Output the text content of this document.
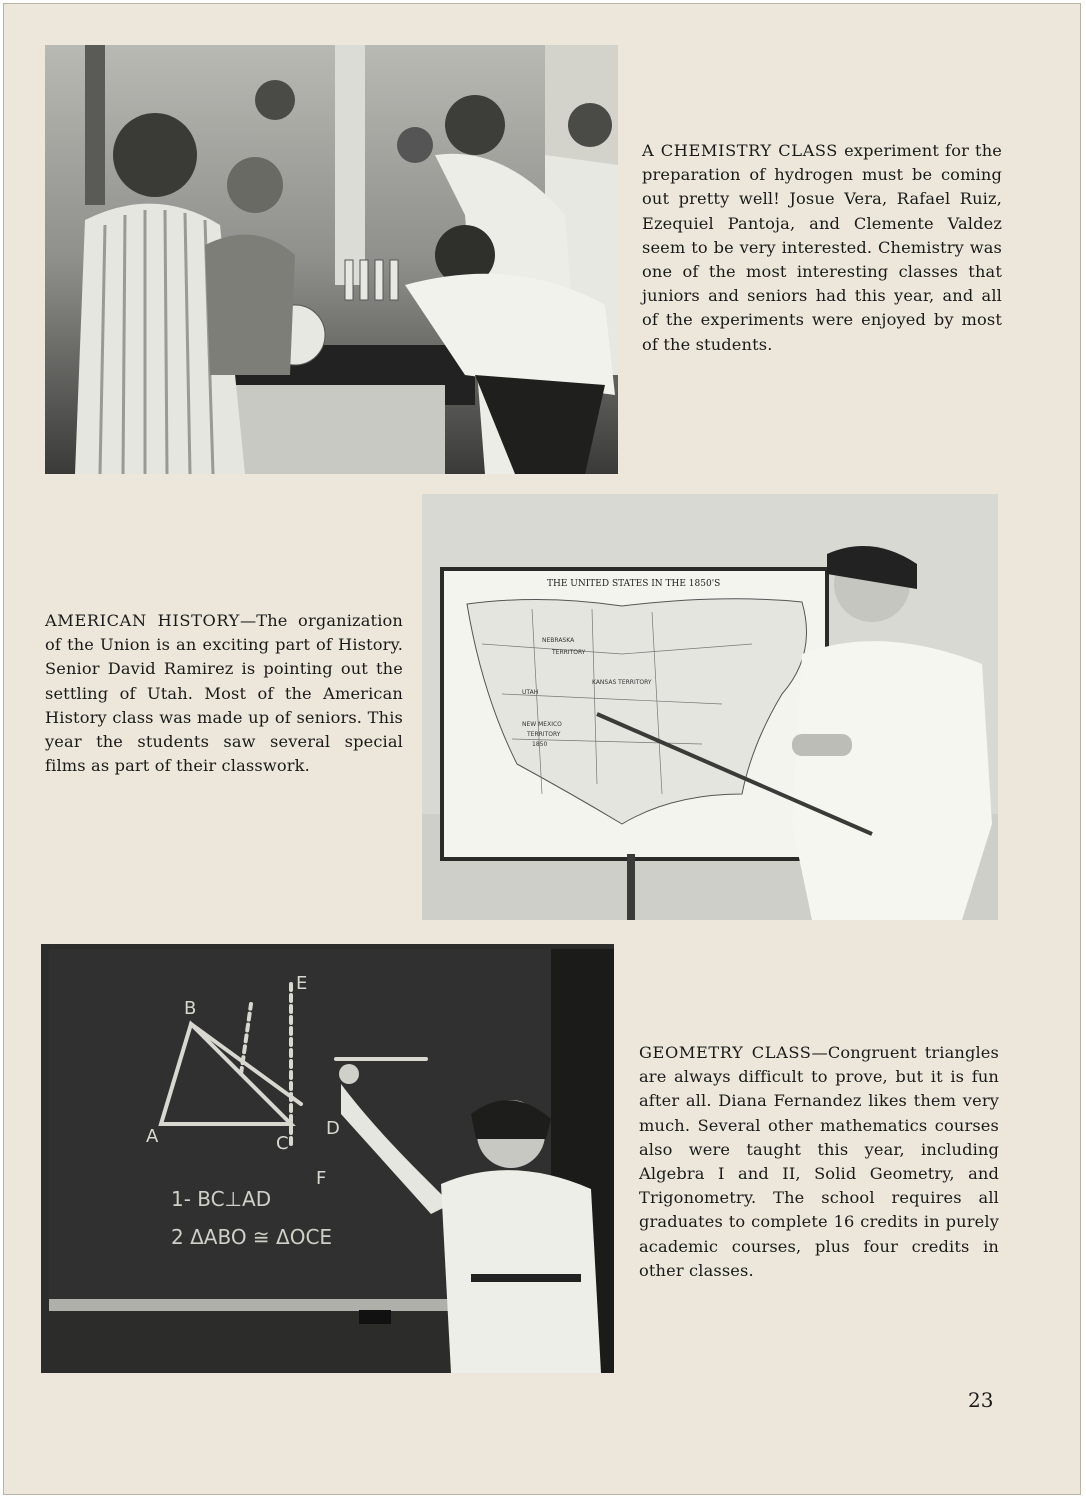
A CHEMISTRY CLASS experiment for the preparation of hydrogen must be coming out pretty well! Josue Vera, Rafael Ruiz, Ezequiel Pantoja, and Clemente Valdez seem to be very interested. Chemistry was one of the most interesting classes that juniors and seniors had this year, and all of the experiments were enjoyed by most of the students.
AMERICAN HISTORY—The organization of the Union is an exciting part of History. Senior David Ramirez is pointing out the settling of Utah. Most of the American History class was made up of seniors. This year the students saw several special films as part of their classwork.
THE UNITED STATES IN THE 1850'S
NEBRASKA
TERRITORY
UTAH
KANSAS TERRITORY
NEW MEXICO
TERRITORY
1850
B
A	C
D
E
F
1- BC⊥AD
2 ΔABO ≅ ΔOCE
GEOMETRY CLASS—Congruent triangles are always difficult to prove, but it is fun after all. Diana Fernandez likes them very much. Several other mathematics courses also were taught this year, including Algebra I and II, Solid Geometry, and Trigonometry. The school requires all graduates to complete 16 credits in purely academic courses, plus four credits in other classes.
23
